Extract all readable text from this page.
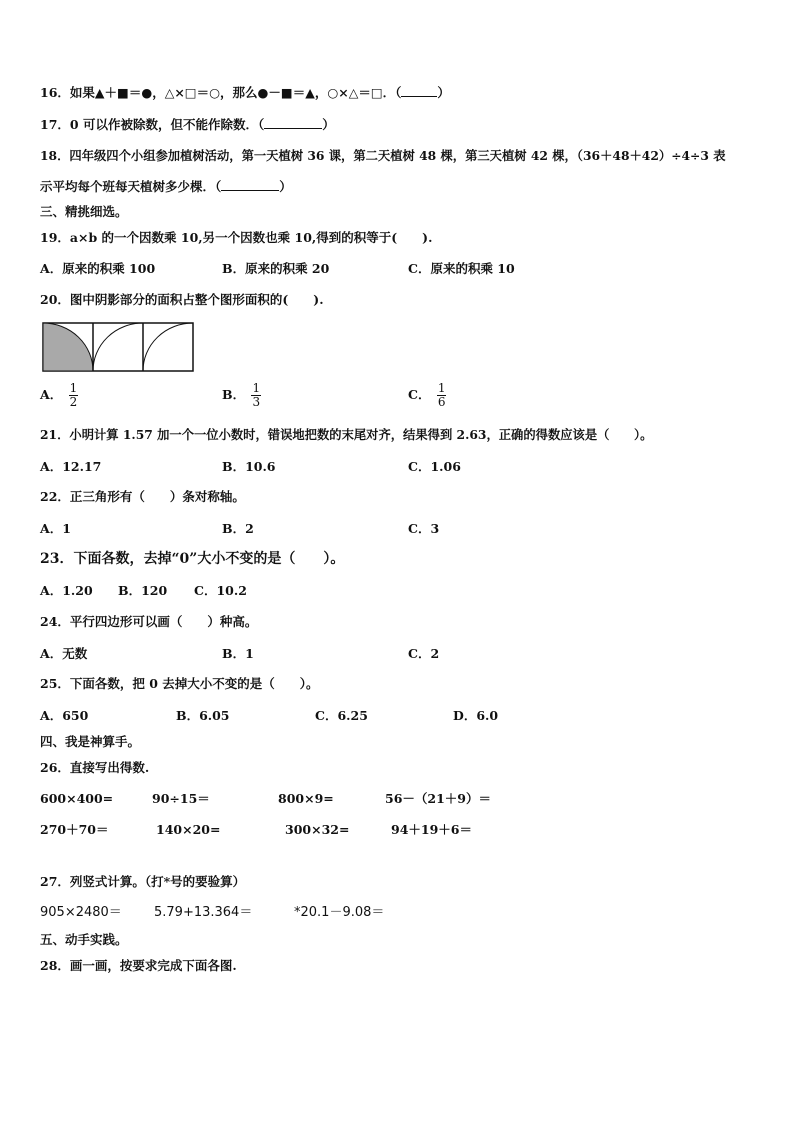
16．如果▲＋■＝●，△×□＝○，那么●－■＝▲，○×△＝□．（	）
17．0 可以作被除数，但不能作除数．（	）
18．四年级四个小组参加植树活动，第一天植树 36 课，第二天植树 48 棵，第三天植树 42 棵，（36＋48＋42）÷4÷3 表
示平均每个班每天植树多少棵．（	）
三、精挑细选。
19．a×b 的一个因数乘 10,另一个因数也乘 10,得到的积等于(　　).
A．原来的积乘 100	B．原来的积乘 20	C．原来的积乘 10
20．图中阴影部分的面积占整个图形面积的(　　).
A． $\frac{1}{2}$	B． $\frac{1}{3}$	C． $\frac{1}{6}$
21．小明计算 1.57 加一个一位小数时，错误地把数的末尾对齐，结果得到 2.63，正确的得数应该是（　　）。
A．12.17	B．10.6	C．1.06
22．正三角形有（　　）条对称轴。
A．1	B．2	C．3
23．下面各数，去掉“0”大小不变的是（　　）。
A．1.20 B．120 C．10.2
24．平行四边形可以画（　　）种高。
A．无数	B．1	C．2
25．下面各数，把 0 去掉大小不变的是（　　）。
A．650	B．6.05	C．6.25	D．6.0
四、我是神算手。
26．直接写出得数.
600×400=	90÷15＝	800×9=	56－（21＋9）＝
270＋70＝	140×20=	300×32=	94＋19＋6＝
27．列竖式计算。（打*号的要验算）
905×2480＝ 5.79+13.364＝	*20.1－9.08＝
五、动手实践。
28．画一画，按要求完成下面各图.
